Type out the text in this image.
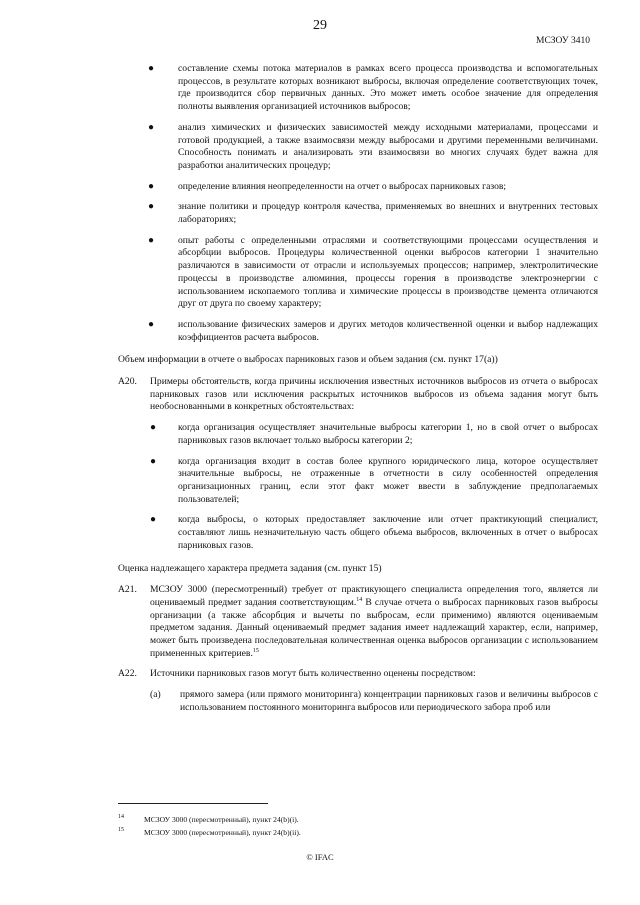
29
МСЗОУ 3410
● составление схемы потока материалов в рамках всего процесса производства и вспомогательных процессов, в результате которых возникают выбросы, включая определение соответствующих точек, где производится сбор первичных данных. Это может иметь особое значение для определения полноты выявления организацией источников выбросов;

● анализ химических и физических зависимостей между исходными материалами, процессами и готовой продукцией, а также взаимосвязи между выбросами и другими переменными величинами. Способность понимать и анализировать эти взаимосвязи во многих случаях будет важна для разработки аналитических процедур;

● определение влияния неопределенности на отчет о выбросах парниковых газов;

● знание политики и процедур контроля качества, применяемых во внешних и внутренних тестовых лабораториях;

● опыт работы с определенными отраслями и соответствующими процессами осуществления и абсорбции выбросов. Процедуры количественной оценки выбросов категории 1 значительно различаются в зависимости от отрасли и используемых процессов; например, электролитические процессы в производстве алюминия, процессы горения в производстве электроэнергии с использованием ископаемого топлива и химические процессы в производстве цемента отличаются друг от друга по своему характеру;

● использование физических замеров и других методов количественной оценки и выбор надлежащих коэффициентов расчета выбросов.

Объем информации в отчете о выбросах парниковых газов и объем задания (см. пункт 17(а))

A20. Примеры обстоятельств, когда причины исключения известных источников выбросов из отчета о выбросах парниковых газов или исключения раскрытых источников выбросов из объема задания могут быть необоснованными в конкретных обстоятельствах:

● когда организация осуществляет значительные выбросы категории 1, но в свой отчет о выбросах парниковых газов включает только выбросы категории 2;

● когда организация входит в состав более крупного юридического лица, которое осуществляет значительные выбросы, не отраженные в отчетности в силу особенностей определения организационных границ, если этот факт может ввести в заблуждение предполагаемых пользователей;

● когда выбросы, о которых предоставляет заключение или отчет практикующий специалист, составляют лишь незначительную часть общего объема выбросов, включенных в отчет о выбросах парниковых газов.

Оценка надлежащего характера предмета задания (см. пункт 15)

A21. МСЗОУ 3000 (пересмотренный) требует от практикующего специалиста определения того, является ли оцениваемый предмет задания соответствующим.$^{14}$ В случае отчета о выбросах парниковых газов выбросы организации (а также абсорбция и вычеты по выбросам, если применимо) являются оцениваемым предметом задания. Данный оцениваемый предмет задания имеет надлежащий характер, если, например, может быть произведена последовательная количественная оценка выбросов организации с использованием примененных критериев.$^{15}$

A22. Источники парниковых газов могут быть количественно оценены посредством:

(a) прямого замера (или прямого мониторинга) концентрации парниковых газов и величины выбросов с использованием постоянного мониторинга выбросов или периодического забора проб или

14	МСЗОУ 3000 (пересмотренный), пункт 24(b)(i).
15	МСЗОУ 3000 (пересмотренный), пункт 24(b)(ii).
© IFAC
